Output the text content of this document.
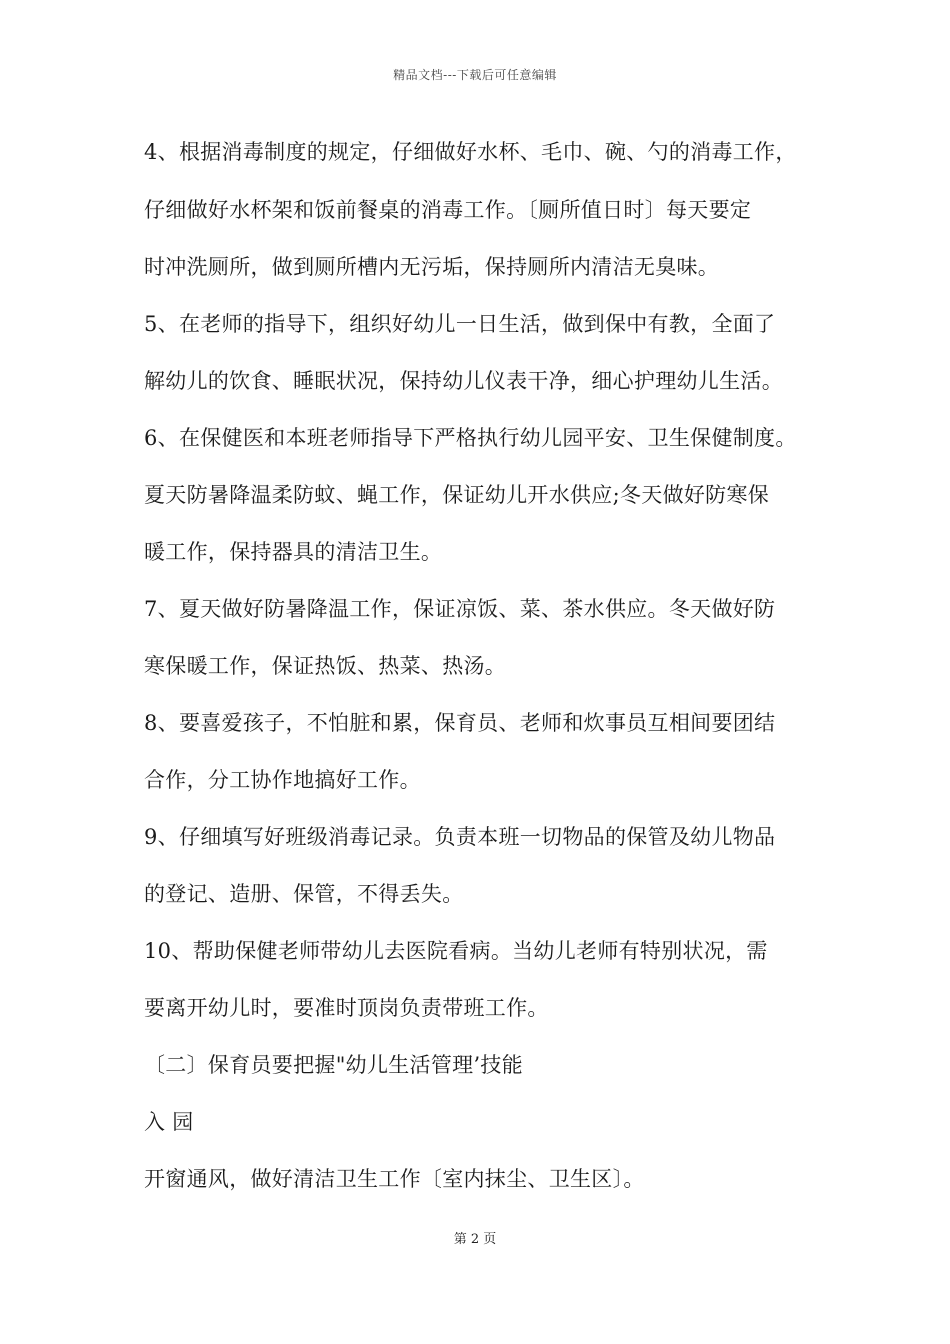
精品文档---下载后可任意编辑
4、根据消毒制度的规定，仔细做好水杯、毛巾、碗、勺的消毒工作，
仔细做好水杯架和饭前餐桌的消毒工作。〔厕所值日时〕每天要定
时冲洗厕所，做到厕所槽内无污垢，保持厕所内清洁无臭味。
5、在老师的指导下，组织好幼儿一日生活，做到保中有教，全面了
解幼儿的饮食、睡眠状况，保持幼儿仪表干净，细心护理幼儿生活。
6、在保健医和本班老师指导下严格执行幼儿园平安、卫生保健制度。
夏天防暑降温柔防蚊、蝇工作，保证幼儿开水供应;冬天做好防寒保
暖工作，保持器具的清洁卫生。
7、夏天做好防暑降温工作，保证凉饭、菜、茶水供应。冬天做好防
寒保暖工作，保证热饭、热菜、热汤。
8、要喜爱孩子，不怕脏和累，保育员、老师和炊事员互相间要团结
合作，分工协作地搞好工作。
9、仔细填写好班级消毒记录。负责本班一切物品的保管及幼儿物品
的登记、造册、保管，不得丢失。
10、帮助保健老师带幼儿去医院看病。当幼儿老师有特别状况，需
要离开幼儿时，要准时顶岗负责带班工作。
〔二〕保育员要把握"幼儿生活管理’技能
入 园
开窗通风，做好清洁卫生工作〔室内抹尘、卫生区〕。
第 2 页
